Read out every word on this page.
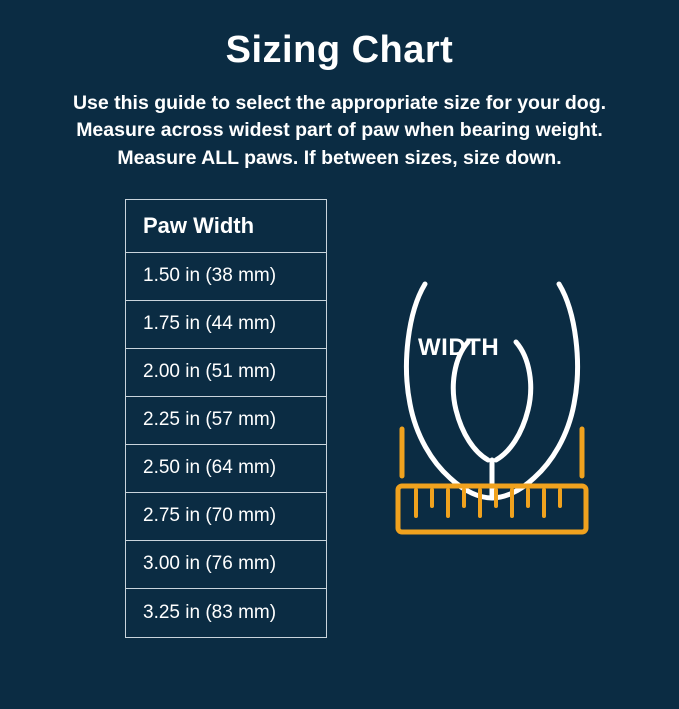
Sizing Chart

Use this guide to select the appropriate size for your dog. Measure across widest part of paw when bearing weight. Measure ALL paws. If between sizes, size down.

Paw Width
1.50 in (38 mm)
1.75 in (44 mm)
2.00 in (51 mm)
2.25 in (57 mm)
2.50 in (64 mm)
2.75 in (70 mm)
3.00 in (76 mm)
3.25 in (83 mm)
WIDTH
